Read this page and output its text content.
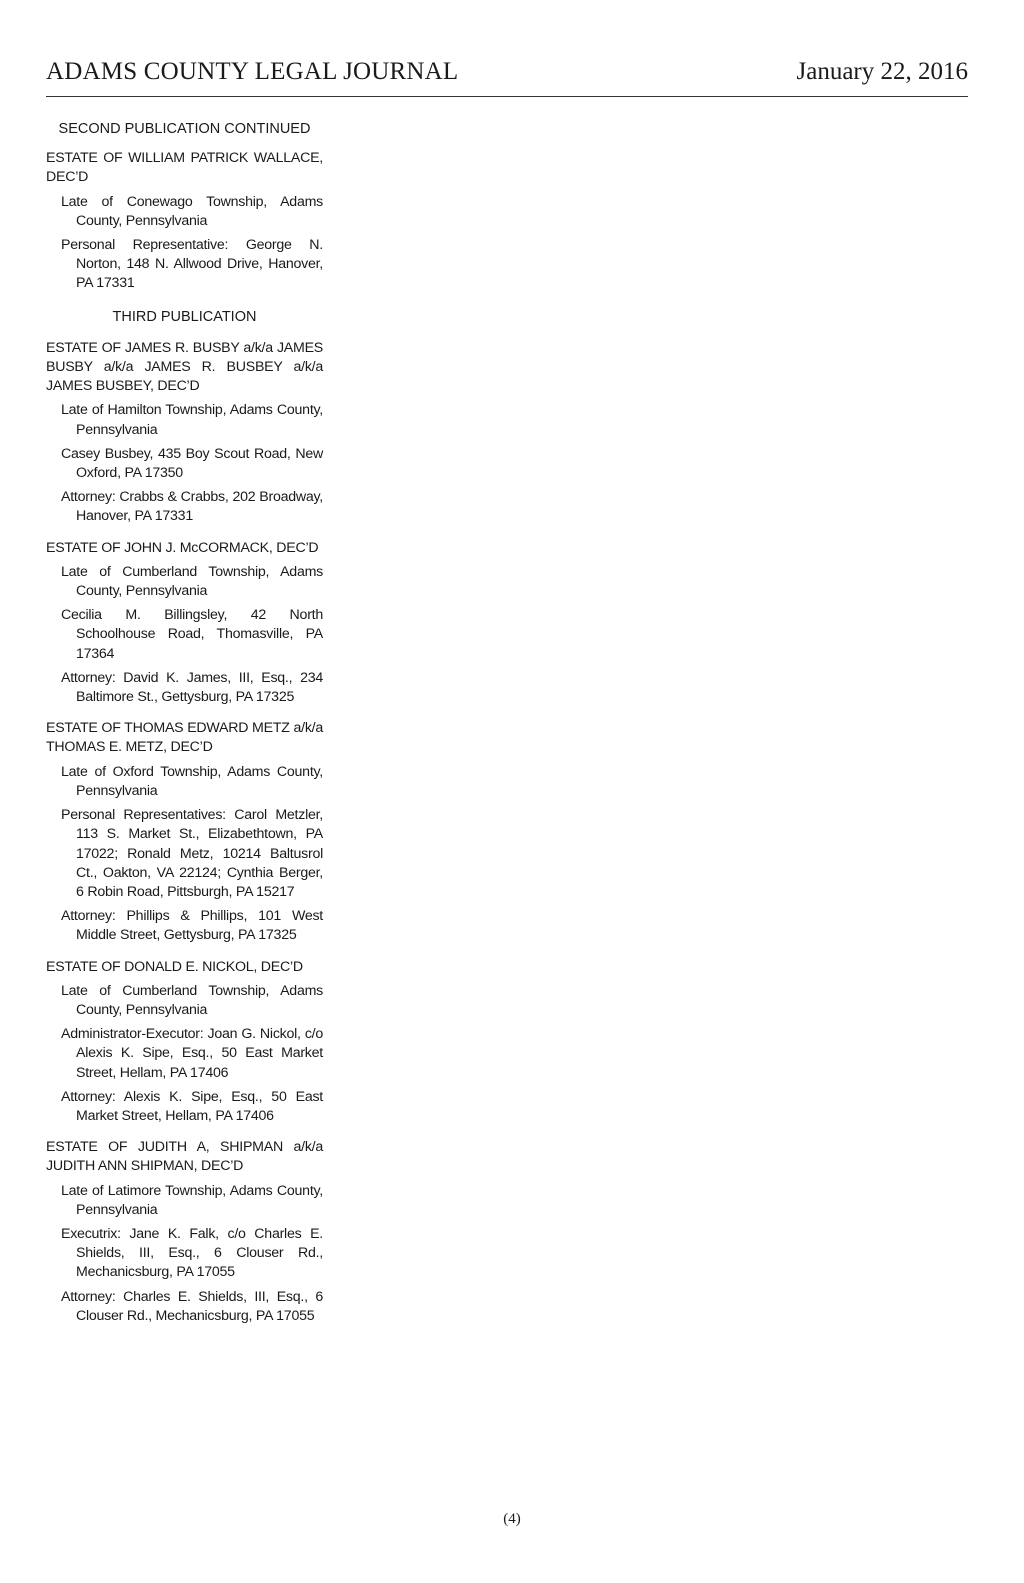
ADAMS COUNTY LEGAL JOURNAL	January 22, 2016
SECOND PUBLICATION CONTINUED
ESTATE OF WILLIAM PATRICK WALLACE, DEC’D
Late of Conewago Township, Adams County, Pennsylvania
Personal Representative: George N. Norton, 148 N. Allwood Drive, Hanover, PA 17331
THIRD PUBLICATION
ESTATE OF JAMES R. BUSBY a/k/a JAMES BUSBY a/k/a JAMES R. BUSBEY a/k/a JAMES BUSBEY, DEC’D
Late of Hamilton Township, Adams County, Pennsylvania
Casey Busbey, 435 Boy Scout Road, New Oxford, PA 17350
Attorney: Crabbs & Crabbs, 202 Broadway, Hanover, PA 17331
ESTATE OF JOHN J. McCORMACK, DEC’D
Late of Cumberland Township, Adams County, Pennsylvania
Cecilia M. Billingsley, 42 North Schoolhouse Road, Thomasville, PA 17364
Attorney: David K. James, III, Esq., 234 Baltimore St., Gettysburg, PA 17325
ESTATE OF THOMAS EDWARD METZ a/k/a THOMAS E. METZ, DEC’D
Late of Oxford Township, Adams County, Pennsylvania
Personal Representatives: Carol Metzler, 113 S. Market St., Elizabethtown, PA 17022; Ronald Metz, 10214 Baltusrol Ct., Oakton, VA 22124; Cynthia Berger, 6 Robin Road, Pittsburgh, PA 15217
Attorney: Phillips & Phillips, 101 West Middle Street, Gettysburg, PA 17325
ESTATE OF DONALD E. NICKOL, DEC’D
Late of Cumberland Township, Adams County, Pennsylvania
Administrator-Executor: Joan G. Nickol, c/o Alexis K. Sipe, Esq., 50 East Market Street, Hellam, PA 17406
Attorney: Alexis K. Sipe, Esq., 50 East Market Street, Hellam, PA 17406
ESTATE OF JUDITH A, SHIPMAN a/k/a JUDITH ANN SHIPMAN, DEC’D
Late of Latimore Township, Adams County, Pennsylvania
Executrix: Jane K. Falk, c/o Charles E. Shields, III, Esq., 6 Clouser Rd., Mechanicsburg, PA 17055
Attorney: Charles E. Shields, III, Esq., 6 Clouser Rd., Mechanicsburg, PA 17055
(4)
